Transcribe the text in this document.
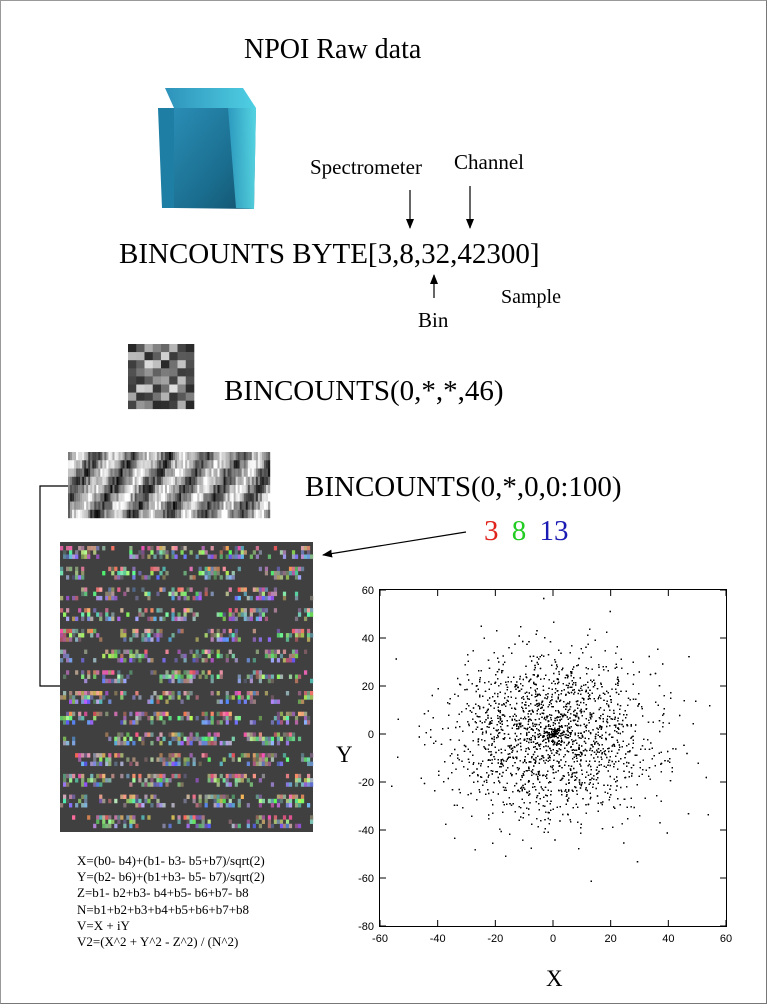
NPOI Raw data
Spectrometer Channel
BINCOUNTS BYTE[3,8,32,42300]
Sample
Bin
BINCOUNTS(0,*,*,46)
BINCOUNTS(0,*,0,0:100)
3 8 13
-60	-40	-20	0	20	40	60
-80
-60
-40
-20
0
20
40
60
Y
X
X=(b0- b4)+(b1- b3- b5+b7)/sqrt(2)
Y=(b2- b6)+(b1+b3- b5- b7)/sqrt(2)
Z=b1- b2+b3- b4+b5- b6+b7- b8
N=b1+b2+b3+b4+b5+b6+b7+b8
V=X + iY
V2=(X^2 + Y^2 - Z^2) / (N^2)
